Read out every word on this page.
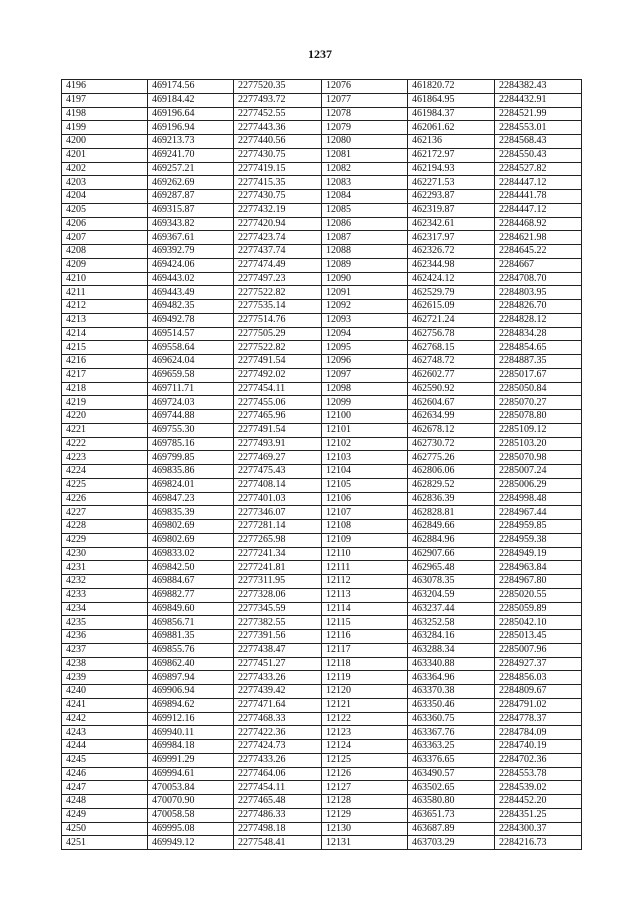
1237
4196	469174.56	2277520.35	12076	461820.72	2284382.43
4197	469184.42	2277493.72	12077	461864.95	2284432.91
4198	469196.64	2277452.55	12078	461984.37	2284521.99
4199	469196.94	2277443.36	12079	462061.62	2284553.01
4200	469213.73	2277440.56	12080	462136	2284568.43
4201	469241.70	2277430.75	12081	462172.97	2284550.43
4202	469257.21	2277419.15	12082	462194.93	2284527.82
4203	469262.69	2277415.35	12083	462271.53	2284447.12
4204	469287.87	2277430.75	12084	462293.87	2284441.78
4205	469315.87	2277432.19	12085	462319.87	2284447.12
4206	469343.82	2277420.94	12086	462342.61	2284468.92
4207	469367.61	2277423.74	12087	462317.97	2284621.98
4208	469392.79	2277437.74	12088	462326.72	2284645.22
4209	469424.06	2277474.49	12089	462344.98	2284667
4210	469443.02	2277497.23	12090	462424.12	2284708.70
4211	469443.49	2277522.82	12091	462529.79	2284803.95
4212	469482.35	2277535.14	12092	462615.09	2284826.70
4213	469492.78	2277514.76	12093	462721.24	2284828.12
4214	469514.57	2277505.29	12094	462756.78	2284834.28
4215	469558.64	2277522.82	12095	462768.15	2284854.65
4216	469624.04	2277491.54	12096	462748.72	2284887.35
4217	469659.58	2277492.02	12097	462602.77	2285017.67
4218	469711.71	2277454.11	12098	462590.92	2285050.84
4219	469724.03	2277455.06	12099	462604.67	2285070.27
4220	469744.88	2277465.96	12100	462634.99	2285078.80
4221	469755.30	2277491.54	12101	462678.12	2285109.12
4222	469785.16	2277493.91	12102	462730.72	2285103.20
4223	469799.85	2277469.27	12103	462775.26	2285070.98
4224	469835.86	2277475.43	12104	462806.06	2285007.24
4225	469824.01	2277408.14	12105	462829.52	2285006.29
4226	469847.23	2277401.03	12106	462836.39	2284998.48
4227	469835.39	2277346.07	12107	462828.81	2284967.44
4228	469802.69	2277281.14	12108	462849.66	2284959.85
4229	469802.69	2277265.98	12109	462884.96	2284959.38
4230	469833.02	2277241.34	12110	462907.66	2284949.19
4231	469842.50	2277241.81	12111	462965.48	2284963.84
4232	469884.67	2277311.95	12112	463078.35	2284967.80
4233	469882.77	2277328.06	12113	463204.59	2285020.55
4234	469849.60	2277345.59	12114	463237.44	2285059.89
4235	469856.71	2277382.55	12115	463252.58	2285042.10
4236	469881.35	2277391.56	12116	463284.16	2285013.45
4237	469855.76	2277438.47	12117	463288.34	2285007.96
4238	469862.40	2277451.27	12118	463340.88	2284927.37
4239	469897.94	2277433.26	12119	463364.96	2284856.03
4240	469906.94	2277439.42	12120	463370.38	2284809.67
4241	469894.62	2277471.64	12121	463350.46	2284791.02
4242	469912.16	2277468.33	12122	463360.75	2284778.37
4243	469940.11	2277422.36	12123	463367.76	2284784.09
4244	469984.18	2277424.73	12124	463363.25	2284740.19
4245	469991.29	2277433.26	12125	463376.65	2284702.36
4246	469994.61	2277464.06	12126	463490.57	2284553.78
4247	470053.84	2277454.11	12127	463502.65	2284539.02
4248	470070.90	2277465.48	12128	463580.80	2284452.20
4249	470058.58	2277486.33	12129	463651.73	2284351.25
4250	469995.08	2277498.18	12130	463687.89	2284300.37
4251	469949.12	2277548.41	12131	463703.29	2284216.73
